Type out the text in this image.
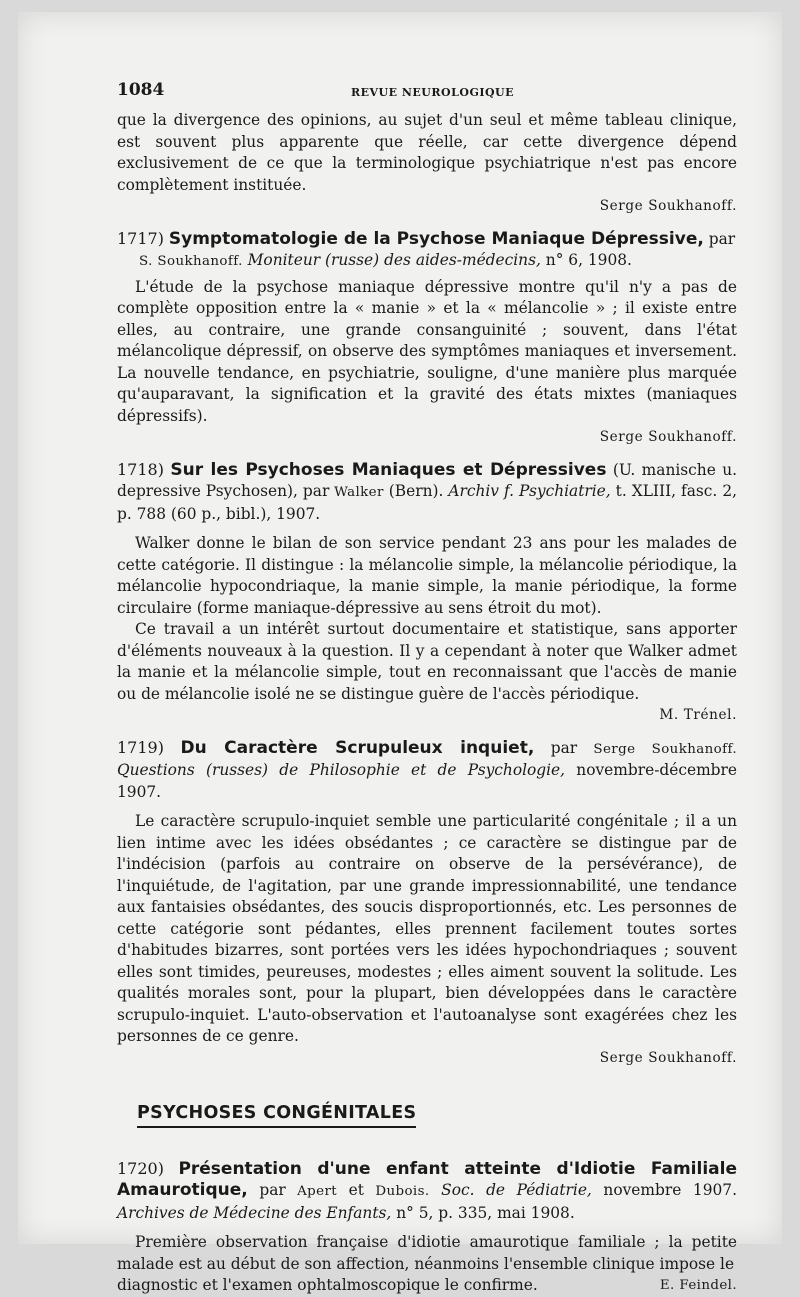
1084	REVUE NEUROLOGIQUE

que la divergence des opinions, au sujet d'un seul et même tableau clinique, est souvent plus apparente que réelle, car cette divergence dépend exclusivement de ce que la terminologique psychiatrique n'est pas encore complètement instituée.

Serge Soukhanoff.

1717) Symptomatologie de la Psychose Maniaque Dépressive, par

S. Soukhanoff. Moniteur (russe) des aides-médecins, n° 6, 1908.

L'étude de la psychose maniaque dépressive montre qu'il n'y a pas de complète opposition entre la « manie » et la « mélancolie » ; il existe entre elles, au contraire, une grande consanguinité ; souvent, dans l'état mélancolique dépressif, on observe des symptômes maniaques et inversement. La nouvelle tendance, en psychiatrie, souligne, d'une manière plus marquée qu'auparavant, la signification et la gravité des états mixtes (maniaques dépressifs).

Serge Soukhanoff.

1718) Sur les Psychoses Maniaques et Dépressives (U. manische u. depressive Psychosen), par Walker (Bern). Archiv f. Psychiatrie, t. XLIII, fasc. 2, p. 788 (60 p., bibl.), 1907.

Walker donne le bilan de son service pendant 23 ans pour les malades de cette catégorie. Il distingue : la mélancolie simple, la mélancolie périodique, la mélancolie hypocondriaque, la manie simple, la manie périodique, la forme circulaire (forme maniaque-dépressive au sens étroit du mot).

Ce travail a un intérêt surtout documentaire et statistique, sans apporter d'éléments nouveaux à la question. Il y a cependant à noter que Walker admet la manie et la mélancolie simple, tout en reconnaissant que l'accès de manie ou de mélancolie isolé ne se distingue guère de l'accès périodique.

M. Trénel.

1719) Du Caractère Scrupuleux inquiet, par Serge Soukhanoff. Questions (russes) de Philosophie et de Psychologie, novembre-décembre 1907.

Le caractère scrupulo-inquiet semble une particularité congénitale ; il a un lien intime avec les idées obsédantes ; ce caractère se distingue par de l'indécision (parfois au contraire on observe de la persévérance), de l'inquiétude, de l'agitation, par une grande impressionnabilité, une tendance aux fantaisies obsédantes, des soucis disproportionnés, etc. Les personnes de cette catégorie sont pédantes, elles prennent facilement toutes sortes d'habitudes bizarres, sont portées vers les idées hypochondriaques ; souvent elles sont timides, peureuses, modestes ; elles aiment souvent la solitude. Les qualités morales sont, pour la plupart, bien développées dans le caractère scrupulo-inquiet. L'auto-observation et l'autoanalyse sont exagérées chez les personnes de ce genre.

Serge Soukhanoff.

PSYCHOSES CONGÉNITALES

1720) Présentation d'une enfant atteinte d'Idiotie Familiale Amaurotique, par Apert et Dubois. Soc. de Pédiatrie, novembre 1907. Archives de Médecine des Enfants, n° 5, p. 335, mai 1908.

Première observation française d'idiotie amaurotique familiale ; la petite malade est au début de son affection, néanmoins l'ensemble clinique impose le

diagnostic et l'examen ophtalmoscopique le confirme.	E. Feindel.
